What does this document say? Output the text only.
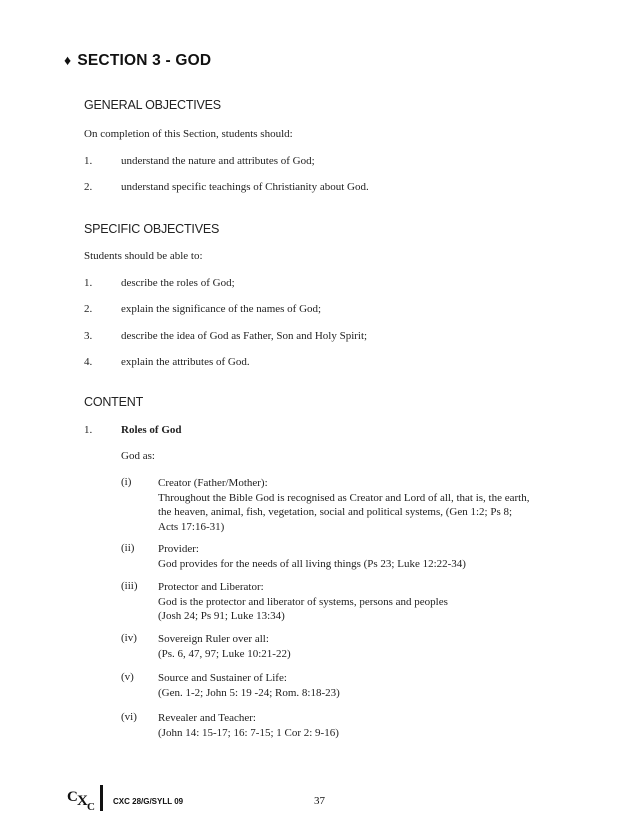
♦ SECTION 3 - GOD
GENERAL OBJECTIVES
On completion of this Section, students should:
1.	understand the nature and attributes of God;
2.	understand specific teachings of Christianity about God.
SPECIFIC OBJECTIVES
Students should be able to:
1.	describe the roles of God;
2.	explain the significance of the names of God;
3.	describe the idea of God as Father, Son and Holy Spirit;
4.	explain the attributes of God.
CONTENT
1.	Roles of God
God as:
(i) Creator (Father/Mother):
Throughout the Bible God is recognised as Creator and Lord of all, that is, the earth,
the heaven, animal, fish, vegetation, social and political systems, (Gen 1:2; Ps 8;
Acts 17:16-31)
(ii) Provider:
God provides for the needs of all living things (Ps 23; Luke 12:22-34)
(iii) Protector and Liberator:
God is the protector and liberator of systems, persons and peoples
(Josh 24; Ps 91; Luke 13:34)
(iv) Sovereign Ruler over all:
(Ps. 6, 47, 97; Luke 10:21-22)
(v) Source and Sustainer of Life:
(Gen. 1-2; John 5: 19 -24; Rom. 8:18-23)
(vi) Revealer and Teacher:
(John 14: 15-17; 16: 7-15; 1 Cor 2: 9-16)
C X C CXC 28/G/SYLL 09	37
